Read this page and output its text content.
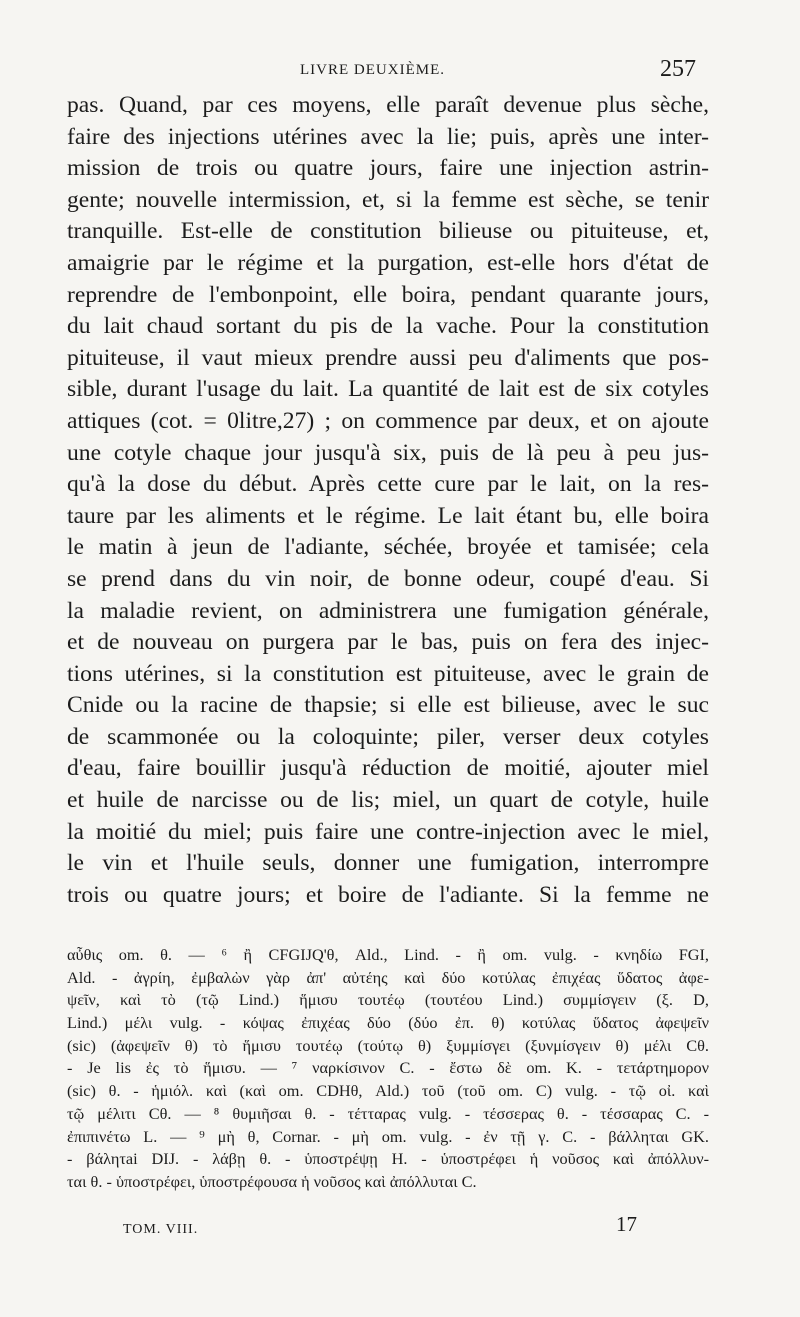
LIVRE DEUXIÈME.	257
pas. Quand, par ces moyens, elle paraît devenue plus sèche,
faire des injections utérines avec la lie; puis, après une inter-
mission de trois ou quatre jours, faire une injection astrin-
gente; nouvelle intermission, et, si la femme est sèche, se tenir
tranquille. Est-elle de constitution bilieuse ou pituiteuse, et,
amaigrie par le régime et la purgation, est-elle hors d'état de
reprendre de l'embonpoint, elle boira, pendant quarante jours,
du lait chaud sortant du pis de la vache. Pour la constitution
pituiteuse, il vaut mieux prendre aussi peu d'aliments que pos-
sible, durant l'usage du lait. La quantité de lait est de six cotyles
attiques (cot. = 0litre,27) ; on commence par deux, et on ajoute
une cotyle chaque jour jusqu'à six, puis de là peu à peu jus-
qu'à la dose du début. Après cette cure par le lait, on la res-
taure par les aliments et le régime. Le lait étant bu, elle boira
le matin à jeun de l'adiante, séchée, broyée et tamisée; cela
se prend dans du vin noir, de bonne odeur, coupé d'eau. Si
la maladie revient, on administrera une fumigation générale,
et de nouveau on purgera par le bas, puis on fera des injec-
tions utérines, si la constitution est pituiteuse, avec le grain de
Cnide ou la racine de thapsie; si elle est bilieuse, avec le suc
de scammonée ou la coloquinte; piler, verser deux cotyles
d'eau, faire bouillir jusqu'à réduction de moitié, ajouter miel
et huile de narcisse ou de lis; miel, un quart de cotyle, huile
la moitié du miel; puis faire une contre-injection avec le miel,
le vin et l'huile seuls, donner une fumigation, interrompre
trois ou quatre jours; et boire de l'adiante. Si la femme ne
αὖθις om. θ. — ⁶ ἢ CFGIJQ'θ, Ald., Lind. - ἢ om. vulg. - κνηδίω FGI,
Ald. - ἀγρίη, ἐμβαλὼν γὰρ ἀπ' αὐτέης καὶ δύο κοτύλας ἐπιχέας ὕδατος ἀφε-
ψεῖν, καὶ τὸ (τῷ Lind.) ἥμισυ τουτέῳ (τουτέου Lind.) συμμίσγειν (ξ. D,
Lind.) μέλι vulg. - κόψας ἐπιχέας δύο (δύο ἐπ. θ) κοτύλας ὕδατος ἀφεψεῖν
(sic) (ἀφεψεῖν θ) τὸ ἥμισυ τουτέῳ (τούτῳ θ) ξυμμίσγει (ξυνμίσγειν θ) μέλι Cθ.
- Je lis ἐς τὸ ἥμισυ. — ⁷ ναρκίσινον C. - ἔστω δὲ om. K. - τετάρτημορον
(sic) θ. - ἡμιόλ. καὶ (καὶ om. CDHθ, Ald.) τοῦ (τοῦ om. C) vulg. - τῷ οἰ. καὶ
τῷ μέλιτι Cθ. — ⁸ θυμιῆσαι θ. - τέτταρας vulg. - τέσσερας θ. - τέσσαρας C. -
ἐπιπινέτω L. — ⁹ μὴ θ, Cornar. - μὴ om. vulg. - ἐν τῇ γ. C. - βάλληται GK.
- βάλητai DIJ. - λάβῃ θ. - ὑποστρέψῃ H. - ὑποστρέφει ἡ νοῦσος καὶ ἀπόλλυν-
ται θ. - ὑποστρέφει, ὑποστρέφουσα ἡ νοῦσος καὶ ἀπόλλυται C.
TOM. VIII.	17
